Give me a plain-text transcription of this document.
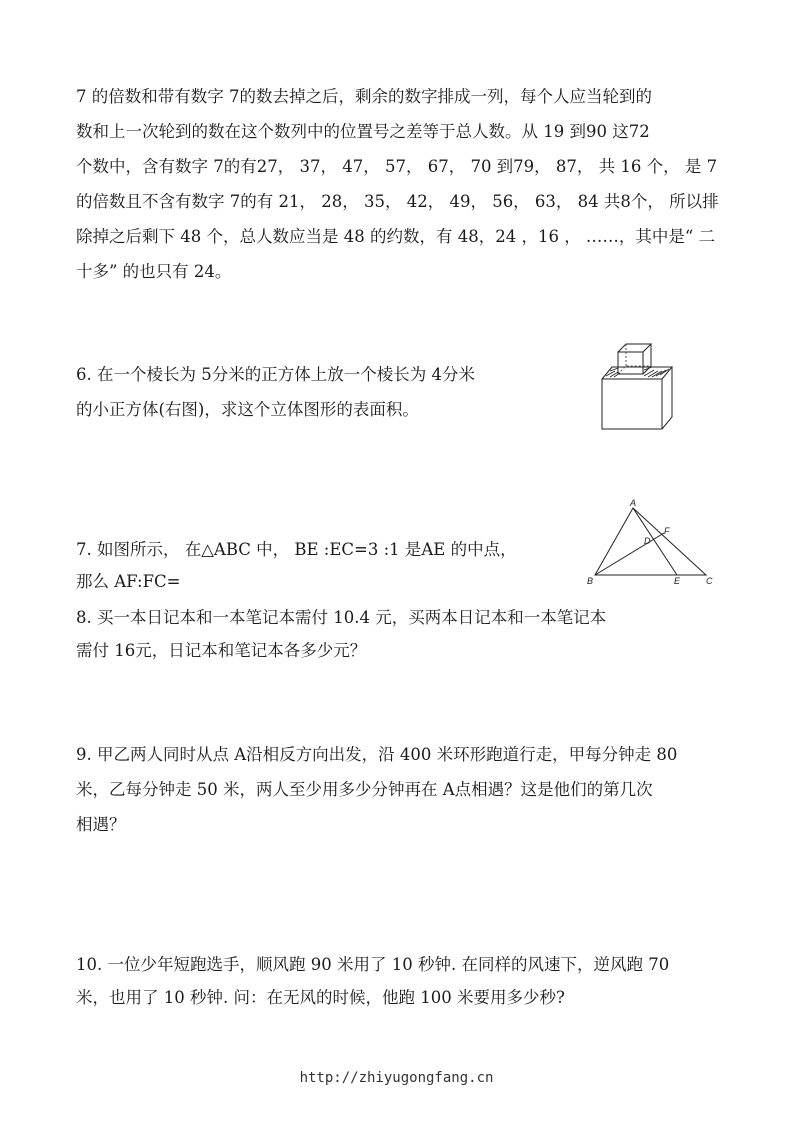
7 的倍数和带有数字 7的数去掉之后，剩余的数字排成一列，每个人应当轮到的
数和上一次轮到的数在这个数列中的位置号之差等于总人数。从 19 到90 这72
个数中，含有数字 7的有27， 37， 47， 57， 67， 70 到79， 87， 共 16 个， 是 7
的倍数且不含有数字 7的有 21， 28， 35， 42， 49， 56， 63， 84 共8个， 所以排
除掉之后剩下 48 个，总人数应当是 48 的约数，有 48，24 ，16 ， ……，其中是“ 二
十多” 的也只有 24。
6. 在一个棱长为 5分米的正方体上放一个棱长为 4分米
的小正方体(右图)，求这个立体图形的表面积。
7. 如图所示， 在△ABC 中， BE :EC=3 :1 是AE 的中点，
那么 AF:FC=
A
B	C
D
E
F
8. 买一本日记本和一本笔记本需付 10.4 元，买两本日记本和一本笔记本
需付 16元，日记本和笔记本各多少元？
9. 甲乙两人同时从点 A沿相反方向出发，沿 400 米环形跑道行走，甲每分钟走 80
米，乙每分钟走 50 米，两人至少用多少分钟再在 A点相遇？这是他们的第几次
相遇？
10. 一位少年短跑选手，顺风跑 90 米用了 10 秒钟. 在同样的风速下，逆风跑 70
米，也用了 10 秒钟. 问：在无风的时候，他跑 100 米要用多少秒?
http://zhiyugongfang.cn
